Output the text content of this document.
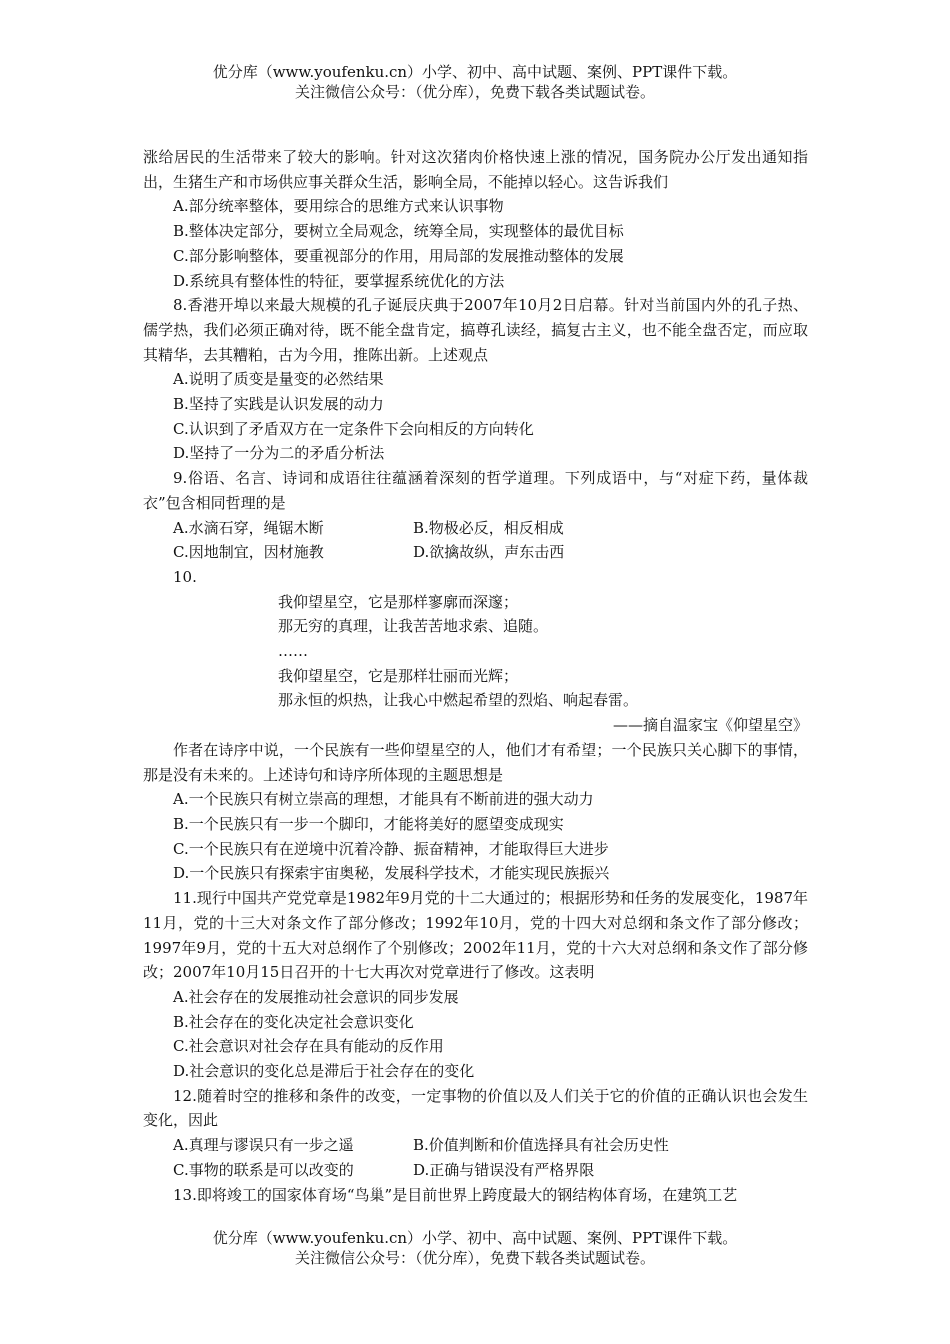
优分库（www.youfenku.cn）小学、初中、高中试题、案例、PPT课件下载。
关注微信公众号：（优分库），免费下载各类试题试卷。

涨给居民的生活带来了较大的影响。针对这次猪肉价格快速上涨的情况，国务院办公厅发出通知指出，生猪生产和市场供应事关群众生活，影响全局，不能掉以轻心。这告诉我们

A.部分统率整体，要用综合的思维方式来认识事物

B.整体决定部分，要树立全局观念，统筹全局，实现整体的最优目标

C.部分影响整体，要重视部分的作用，用局部的发展推动整体的发展

D.系统具有整体性的特征，要掌握系统优化的方法

8.香港开埠以来最大规模的孔子诞辰庆典于2007年10月2日启幕。针对当前国内外的孔子热、儒学热，我们必须正确对待，既不能全盘肯定，搞尊孔读经，搞复古主义，也不能全盘否定，而应取其精华，去其糟粕，古为今用，推陈出新。上述观点

A.说明了质变是量变的必然结果

B.坚持了实践是认识发展的动力

C.认识到了矛盾双方在一定条件下会向相反的方向转化

D.坚持了一分为二的矛盾分析法

9.俗语、名言、诗词和成语往往蕴涵着深刻的哲学道理。下列成语中，与“对症下药，量体裁衣”包含相同哲理的是

A.水滴石穿，绳锯木断	B.物极必反，相反相成
C.因地制宜，因材施教	D.欲擒故纵，声东击西

10.

我仰望星空，它是那样寥廓而深邃；

那无穷的真理，让我苦苦地求索、追随。

……

我仰望星空，它是那样壮丽而光辉；

那永恒的炽热，让我心中燃起希望的烈焰、响起春雷。

——摘自温家宝《仰望星空》

作者在诗序中说，一个民族有一些仰望星空的人，他们才有希望；一个民族只关心脚下的事情，那是没有未来的。上述诗句和诗序所体现的主题思想是

A.一个民族只有树立崇高的理想，才能具有不断前进的强大动力

B.一个民族只有一步一个脚印，才能将美好的愿望变成现实

C.一个民族只有在逆境中沉着冷静、振奋精神，才能取得巨大进步

D.一个民族只有探索宇宙奥秘，发展科学技术，才能实现民族振兴

11.现行中国共产党党章是1982年9月党的十二大通过的；根据形势和任务的发展变化，1987年11月，党的十三大对条文作了部分修改；1992年10月，党的十四大对总纲和条文作了部分修改；1997年9月，党的十五大对总纲作了个别修改；2002年11月，党的十六大对总纲和条文作了部分修改；2007年10月15日召开的十七大再次对党章进行了修改。这表明

A.社会存在的发展推动社会意识的同步发展

B.社会存在的变化决定社会意识变化

C.社会意识对社会存在具有能动的反作用

D.社会意识的变化总是滞后于社会存在的变化

12.随着时空的推移和条件的改变，一定事物的价值以及人们关于它的价值的正确认识也会发生变化，因此

A.真理与谬误只有一步之遥	B.价值判断和价值选择具有社会历史性
C.事物的联系是可以改变的	D.正确与错误没有严格界限

13.即将竣工的国家体育场“鸟巢”是目前世界上跨度最大的钢结构体育场，在建筑工艺

优分库（www.youfenku.cn）小学、初中、高中试题、案例、PPT课件下载。
关注微信公众号：（优分库），免费下载各类试题试卷。
